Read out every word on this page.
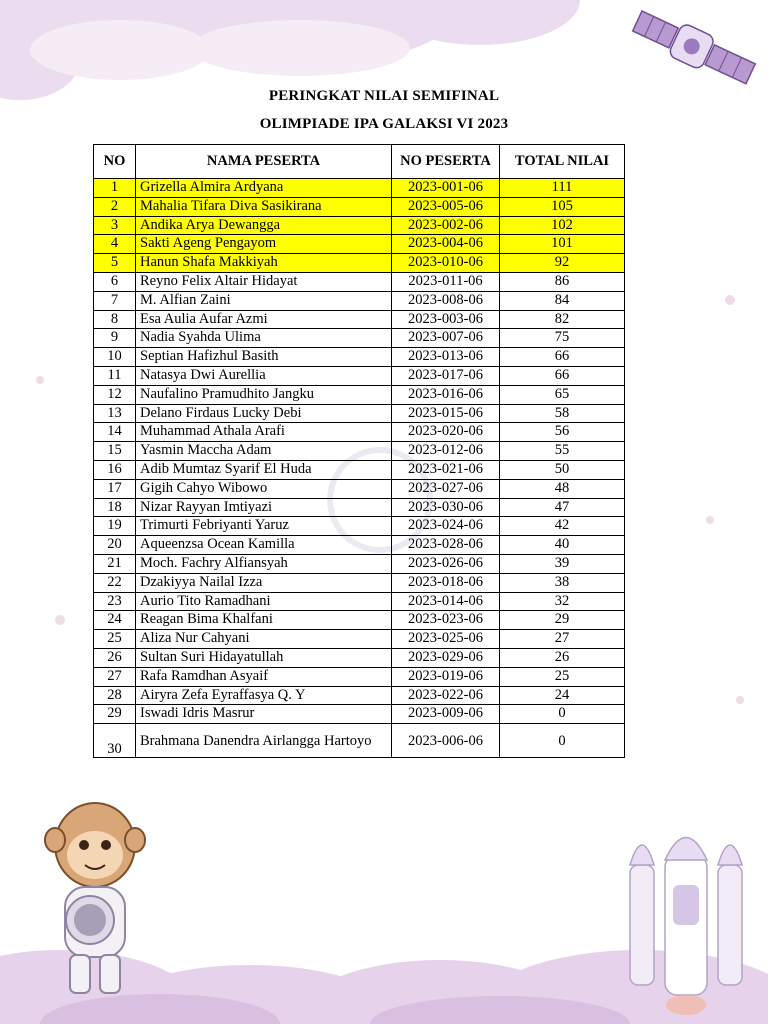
PERINGKAT NILAI SEMIFINAL
OLIMPIADE IPA GALAKSI VI 2023
NO	NAMA PESERTA	NO PESERTA	TOTAL NILAI
1	Grizella Almira Ardyana	2023-001-06	111
2	Mahalia Tifara Diva Sasikirana	2023-005-06	105
3	Andika Arya Dewangga	2023-002-06	102
4	Sakti Ageng Pengayom	2023-004-06	101
5	Hanun Shafa Makkiyah	2023-010-06	92
6	Reyno Felix Altair Hidayat	2023-011-06	86
7	M. Alfian Zaini	2023-008-06	84
8	Esa Aulia Aufar Azmi	2023-003-06	82
9	Nadia Syahda Ulima	2023-007-06	75
10	Septian Hafizhul Basith	2023-013-06	66
11	Natasya Dwi Aurellia	2023-017-06	66
12	Naufalino Pramudhito Jangku	2023-016-06	65
13	Delano Firdaus Lucky Debi	2023-015-06	58
14	Muhammad Athala Arafi	2023-020-06	56
15	Yasmin Maccha Adam	2023-012-06	55
16	Adib Mumtaz Syarif El Huda	2023-021-06	50
17	Gigih Cahyo Wibowo	2023-027-06	48
18	Nizar Rayyan Imtiyazi	2023-030-06	47
19	Trimurti Febriyanti Yaruz	2023-024-06	42
20	Aqueenzsa Ocean Kamilla	2023-028-06	40
21	Moch. Fachry Alfiansyah	2023-026-06	39
22	Dzakiyya Nailal Izza	2023-018-06	38
23	Aurio Tito Ramadhani	2023-014-06	32
24	Reagan Bima Khalfani	2023-023-06	29
25	Aliza Nur Cahyani	2023-025-06	27
26	Sultan Suri Hidayatullah	2023-029-06	26
27	Rafa Ramdhan Asyaif	2023-019-06	25
28	Airyra Zefa Eyraffasya Q. Y	2023-022-06	24
29	Iswadi Idris Masrur	2023-009-06	0
30	Brahmana Danendra Airlangga Hartoyo	2023-006-06	0
